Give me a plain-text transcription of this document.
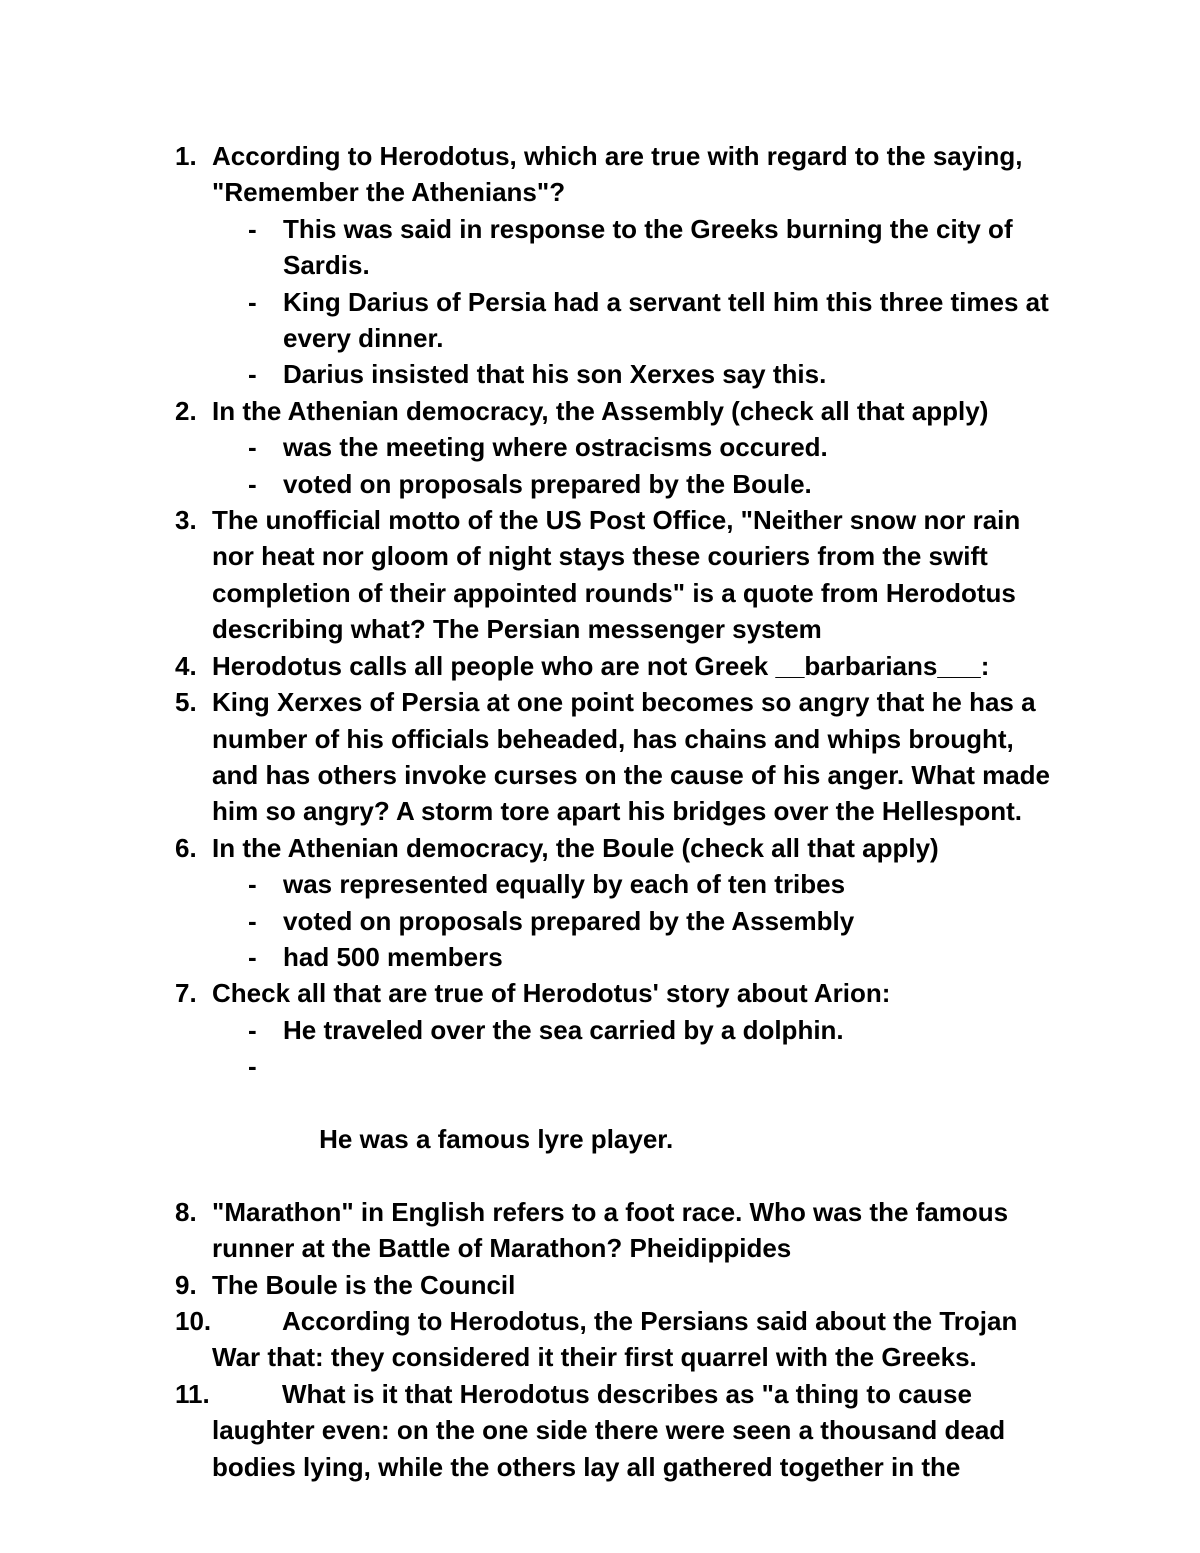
1. According to Herodotus, which are true with regard to the saying, "Remember the Athenians"?
- This was said in response to the Greeks burning the city of Sardis.
- King Darius of Persia had a servant tell him this three times at every dinner.
- Darius insisted that his son Xerxes say this.
2. In the Athenian democracy, the Assembly (check all that apply)
- was the meeting where ostracisms occured.
- voted on proposals prepared by the Boule.
3. The unofficial motto of the US Post Office, "Neither snow nor rain nor heat nor gloom of night stays these couriers from the swift completion of their appointed rounds" is a quote from Herodotus describing what? The Persian messenger system
4. Herodotus calls all people who are not Greek __barbarians___:
5. King Xerxes of Persia at one point becomes so angry that he has a number of his officials beheaded, has chains and whips brought, and has others invoke curses on the cause of his anger. What made him so angry? A storm tore apart his bridges over the Hellespont.
6. In the Athenian democracy, the Boule (check all that apply)
- was represented equally by each of ten tribes
- voted on proposals prepared by the Assembly
- had 500 members
7. Check all that are true of Herodotus' story about Arion:
- He traveled over the sea carried by a dolphin.

-

He was a famous lyre player.

8. "Marathon" in English refers to a foot race. Who was the famous runner at the Battle of Marathon? Pheidippides
9. The Boule is the Council
10.	According to Herodotus, the Persians said about the Trojan
War that: they considered it their first quarrel with the Greeks.
11.	What is it that Herodotus describes as "a thing to cause
laughter even: on the one side there were seen a thousand dead bodies lying, while the others lay all gathered together in the
